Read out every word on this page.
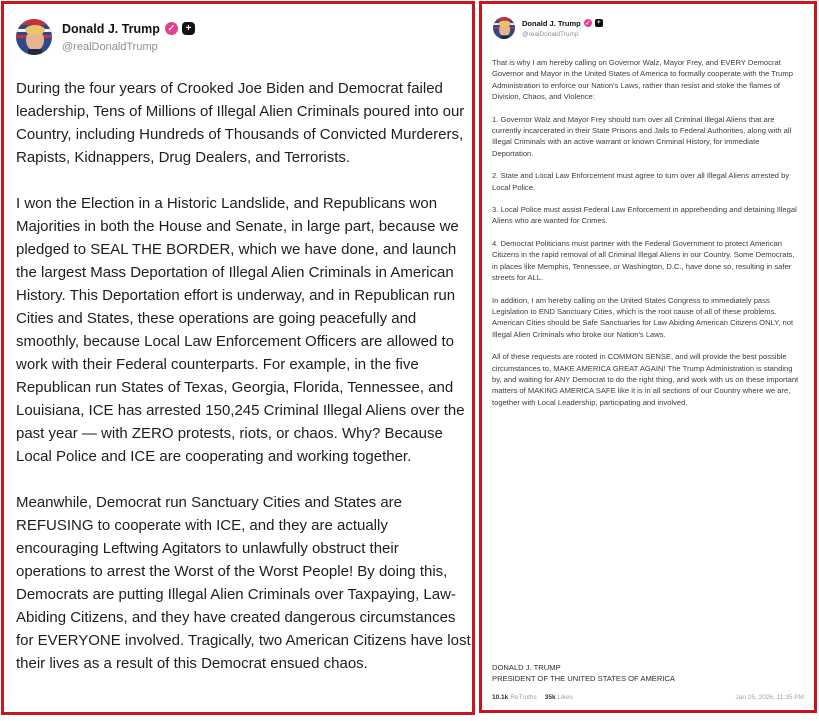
Donald J. Trump ✓	+
@realDonaldTrump

During the four years of Crooked Joe Biden and Democrat failed leadership, Tens of Millions of Illegal Alien Criminals poured into our Country, including Hundreds of Thousands of Convicted Murderers, Rapists, Kidnappers, Drug Dealers, and Terrorists.

I won the Election in a Historic Landslide, and Republicans won Majorities in both the House and Senate, in large part, because we pledged to SEAL THE BORDER, which we have done, and launch the largest Mass Deportation of Illegal Alien Criminals in American History. This Deportation effort is underway, and in Republican run Cities and States, these operations are going peacefully and smoothly, because Local Law Enforcement Officers are allowed to work with their Federal counterparts. For example, in the five Republican run States of Texas, Georgia, Florida, Tennessee, and Louisiana, ICE has arrested 150,245 Criminal Illegal Aliens over the past year — with ZERO protests, riots, or chaos. Why? Because Local Police and ICE are cooperating and working together.

Meanwhile, Democrat run Sanctuary Cities and States are REFUSING to cooperate with ICE, and they are actually encouraging Leftwing Agitators to unlawfully obstruct their operations to arrest the Worst of the Worst People! By doing this, Democrats are putting Illegal Alien Criminals over Taxpaying, Law-Abiding Citizens, and they have created dangerous circumstances for EVERYONE involved. Tragically, two American Citizens have lost their lives as a result of this Democrat ensued chaos.

Donald J. Trump ✓	+
@realDonaldTrump

That is why I am hereby calling on Governor Walz, Mayor Frey, and EVERY Democrat Governor and Mayor in the United States of America to formally cooperate with the Trump Administration to enforce our Nation's Laws, rather than resist and stoke the flames of Division, Chaos, and Violence:

1. Governor Walz and Mayor Frey should turn over all Criminal Illegal Aliens that are currently incarcerated in their State Prisons and Jails to Federal Authorities, along with all Illegal Criminals with an active warrant or known Criminal History, for immediate Deportation.

2. State and Local Law Enforcement must agree to turn over all Illegal Aliens arrested by Local Police.

3. Local Police must assist Federal Law Enforcement in apprehending and detaining Illegal Aliens who are wanted for Crimes.

4. Democrat Politicians must partner with the Federal Government to protect American Citizens in the rapid removal of all Criminal Illegal Aliens in our Country. Some Democrats, in places like Memphis, Tennessee, or Washington, D.C., have done so, resulting in safer streets for ALL.

In addition, I am hereby calling on the United States Congress to immediately pass Legislation to END Sanctuary Cities, which is the root cause of all of these problems. American Cities should be Safe Sanctuaries for Law Abiding American Citizens ONLY, not Illegal Alien Criminals who broke our Nation's Laws.

All of these requests are rooted in COMMON SENSE, and will provide the best possible circumstances to, MAKE AMERICA GREAT AGAIN! The Trump Administration is standing by, and waiting for ANY Democrat to do the right thing, and work with us on these important matters of MAKING AMERICA SAFE like it is in all sections of our Country where we are, together with Local Leadership, participating and involved.

DONALD J. TRUMP
PRESIDENT OF THE UNITED STATES OF AMERICA
10.1k ReTruths 35k Likes	Jan 25, 2026, 11:35 PM
